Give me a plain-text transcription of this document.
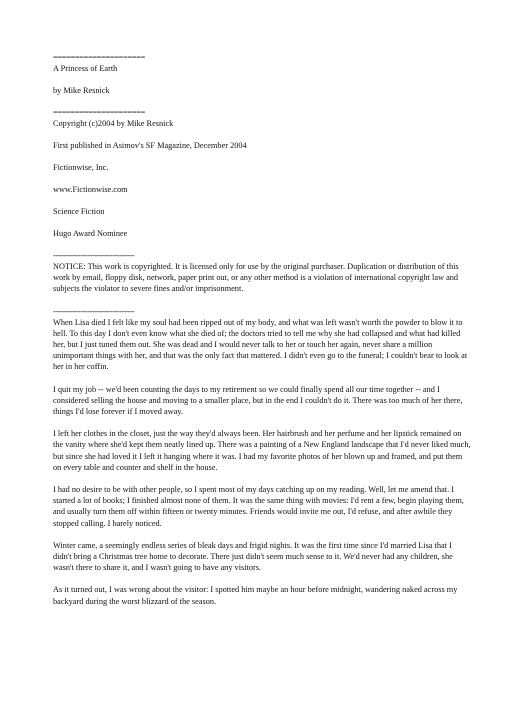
=====================

A Princess of Earth

by Mike Resnick

=====================

Copyright (c)2004 by Mike Resnick

First published in Asimov's SF Magazine, December 2004

Fictionwise, Inc.

www.Fictionwise.com

Science Fiction

Hugo Award Nominee

---------------------------------

NOTICE: This work is copyrighted. It is licensed only for use by the original purchaser. Duplication or distribution of this work by email, floppy disk, network, paper print out, or any other method is a violation of international copyright law and subjects the violator to severe fines and/or imprisonment.

---------------------------------

When Lisa died I felt like my soul had been ripped out of my body, and what was left wasn't worth the powder to blow it to hell. To this day I don't even know what she died of; the doctors tried to tell me why she had collapsed and what had killed her, but I just tuned them out. She was dead and I would never talk to her or touch her again, never share a million unimportant things with her, and that was the only fact that mattered. I didn't even go to the funeral; I couldn't bear to look at her in her coffin.

I quit my job -- we'd been counting the days to my retirement so we could finally spend all our time together -- and I considered selling the house and moving to a smaller place, but in the end I couldn't do it. There was too much of her there, things I'd lose forever if I moved away.

I left her clothes in the closet, just the way they'd always been. Her hairbrush and her perfume and her lipstick remained on the vanity where she'd kept them neatly lined up. There was a painting of a New England landscape that I'd never liked much, but since she had loved it I left it hanging where it was. I had my favorite photos of her blown up and framed, and put them on every table and counter and shelf in the house.

I had no desire to be with other people, so I spent most of my days catching up on my reading. Well, let me amend that. I started a lot of books; I finished almost none of them. It was the same thing with movies: I'd rent a few, begin playing them, and usually turn them off within fifteen or twenty minutes. Friends would invite me out, I'd refuse, and after awhile they stopped calling. I barely noticed.

Winter came, a seemingly endless series of bleak days and frigid nights. It was the first time since I'd married Lisa that I didn't bring a Christmas tree home to decorate. There just didn't seem much sense to it. We'd never had any children, she wasn't there to share it, and I wasn't going to have any visitors.

As it turned out, I was wrong about the visitor: I spotted him maybe an hour before midnight, wandering naked across my backyard during the worst blizzard of the season.
